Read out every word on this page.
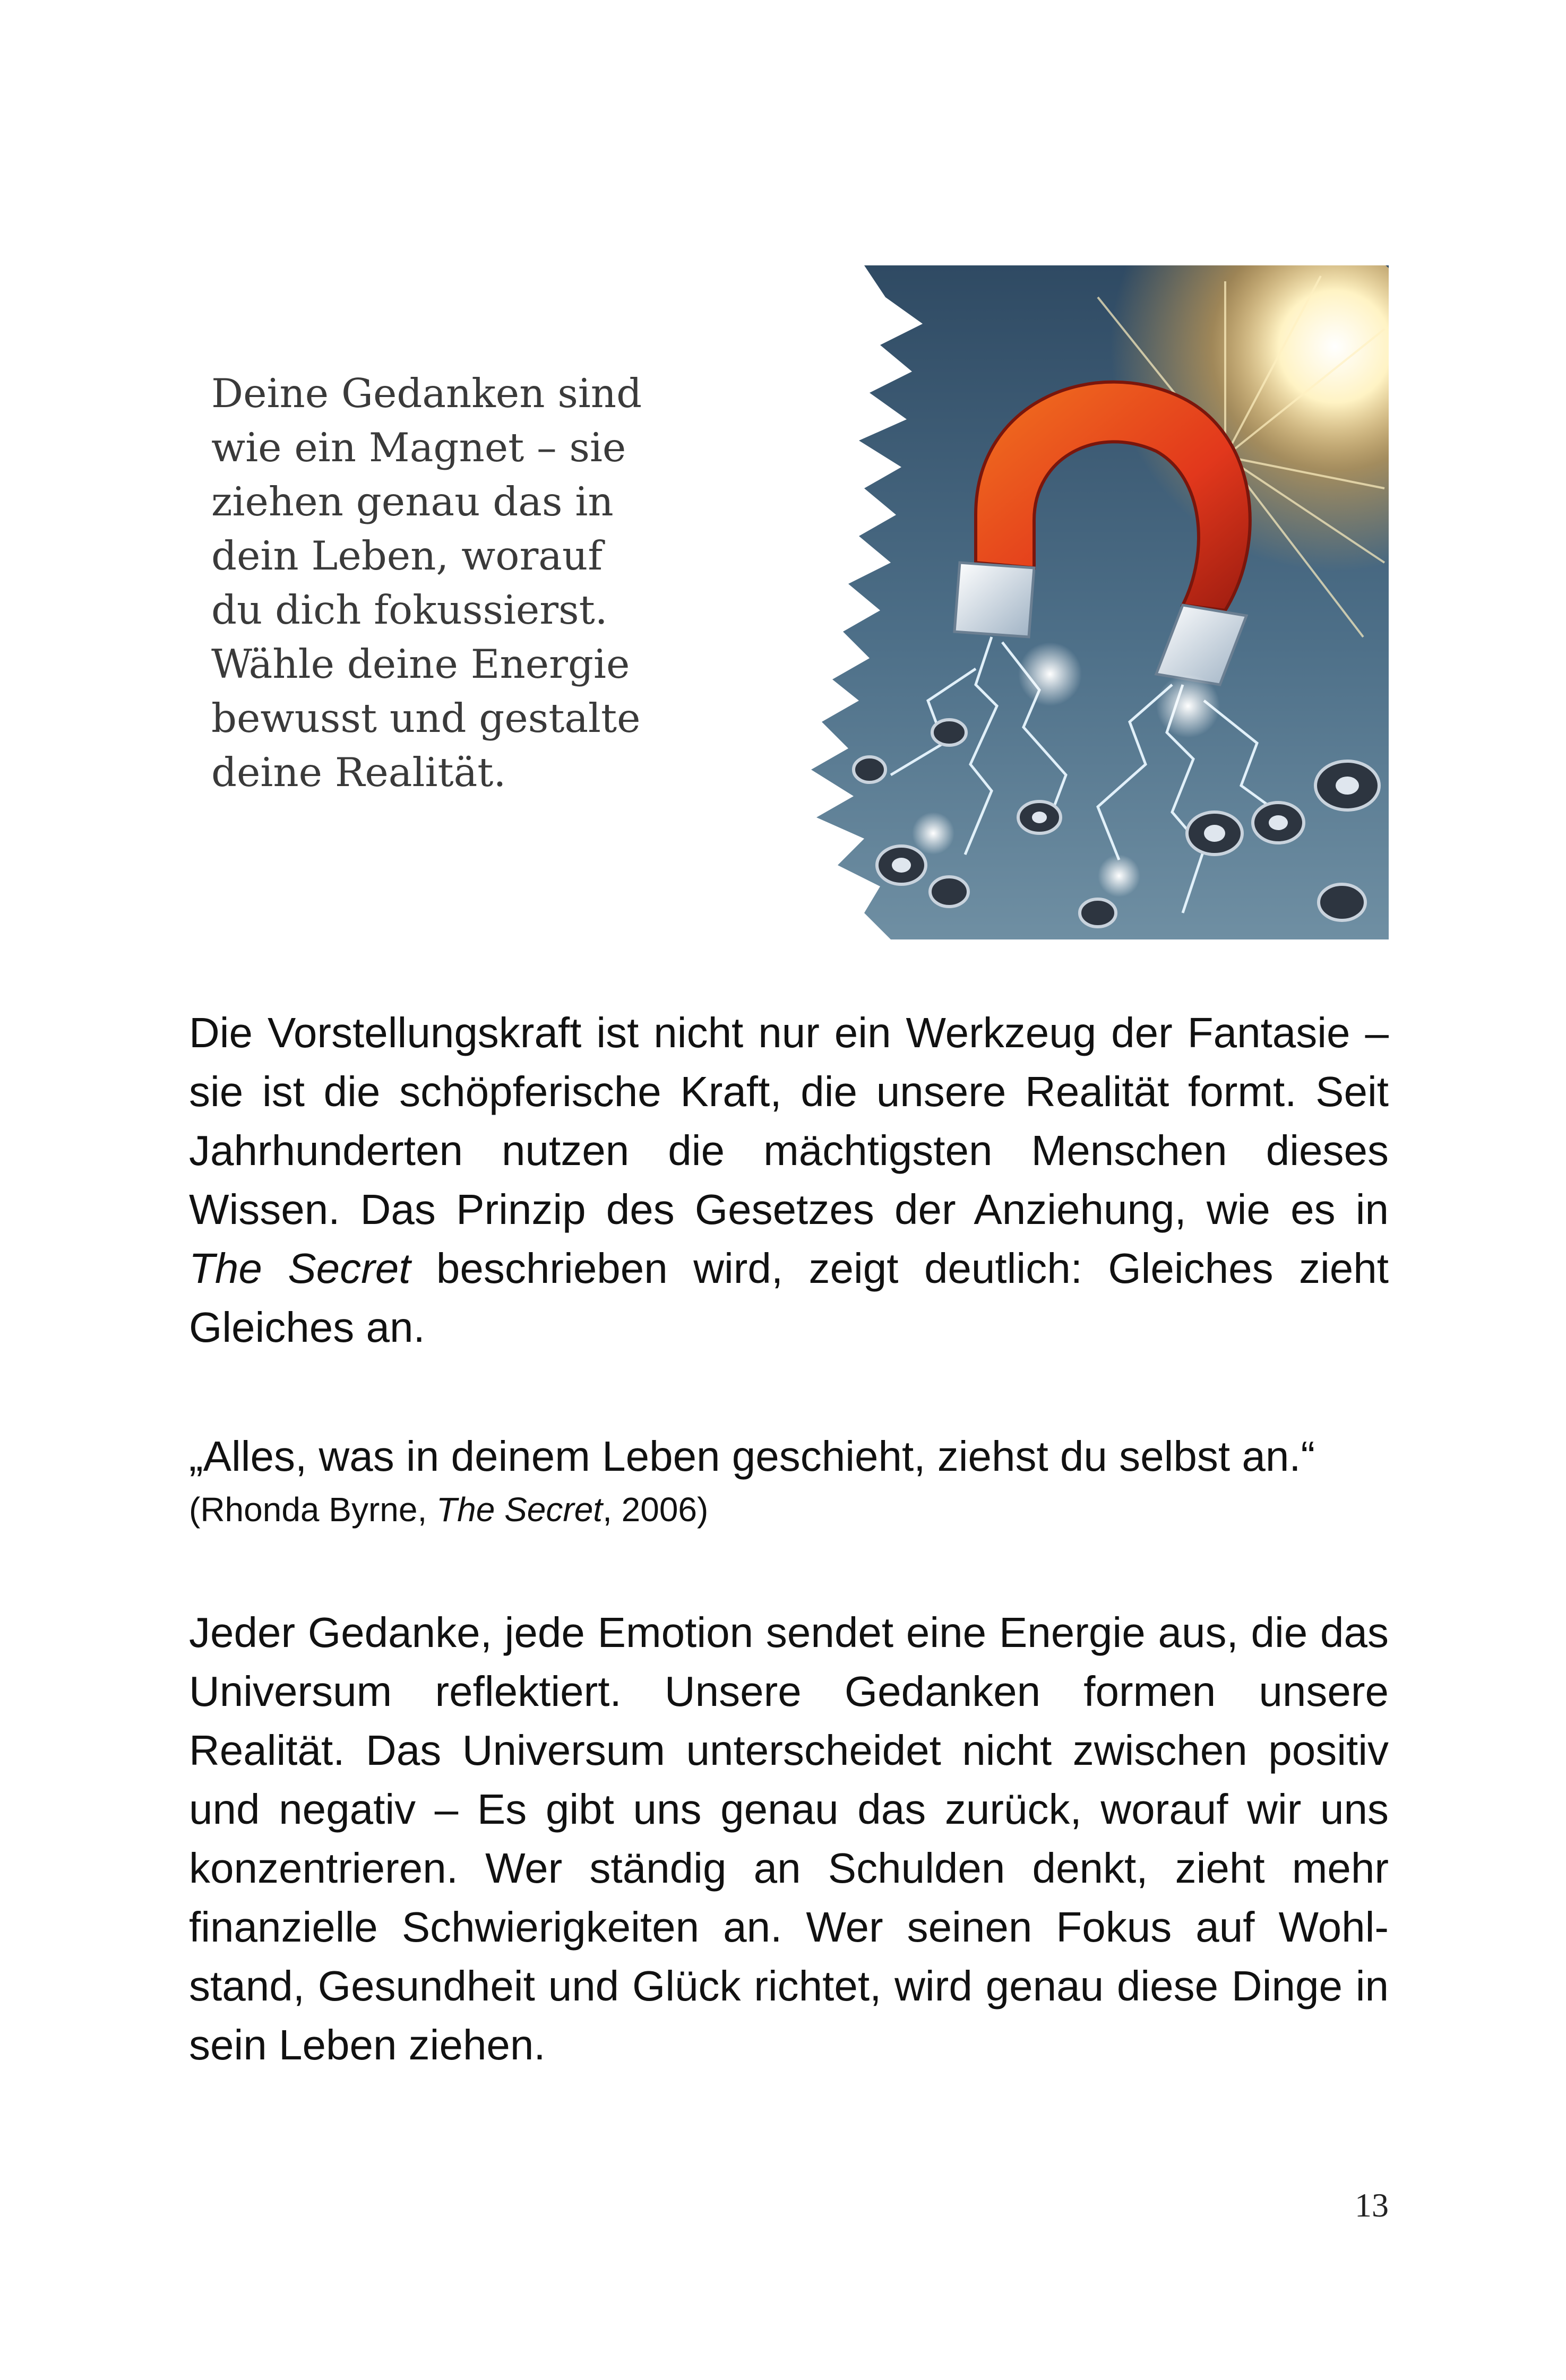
Deine Gedanken sind
wie ein Magnet – sie
ziehen genau das in
dein Leben, worauf
du dich fokussierst.
Wähle deine Energie
bewusst und gestalte
deine Realität.

Die Vorstellungskraft ist nicht nur ein Werkzeug der Fantasie – sie ist die schöpferische Kraft, die unsere Realität formt. Seit Jahrhunderten nutzen die mächtigsten Menschen dieses Wissen. Das Prinzip des Gesetzes der Anziehung, wie es in The Secret beschrieben wird, zeigt deutlich: Gleiches zieht Gleiches an.

„Alles, was in deinem Leben geschieht, ziehst du selbst an.“
(Rhonda Byrne, The Secret, 2006)

Jeder Gedanke, jede Emotion sendet eine Energie aus, die das Universum reflektiert. Unsere Gedanken formen unsere Realität. Das Universum unterscheidet nicht zwischen positiv und negativ – Es gibt uns genau das zurück, worauf wir uns konzentrieren. Wer ständig an Schulden denkt, zieht mehr finanzielle Schwierigkeiten an. Wer seinen Fokus auf Wohlstand, Gesundheit und Glück richtet, wird genau diese Dinge in sein Leben ziehen.

13
